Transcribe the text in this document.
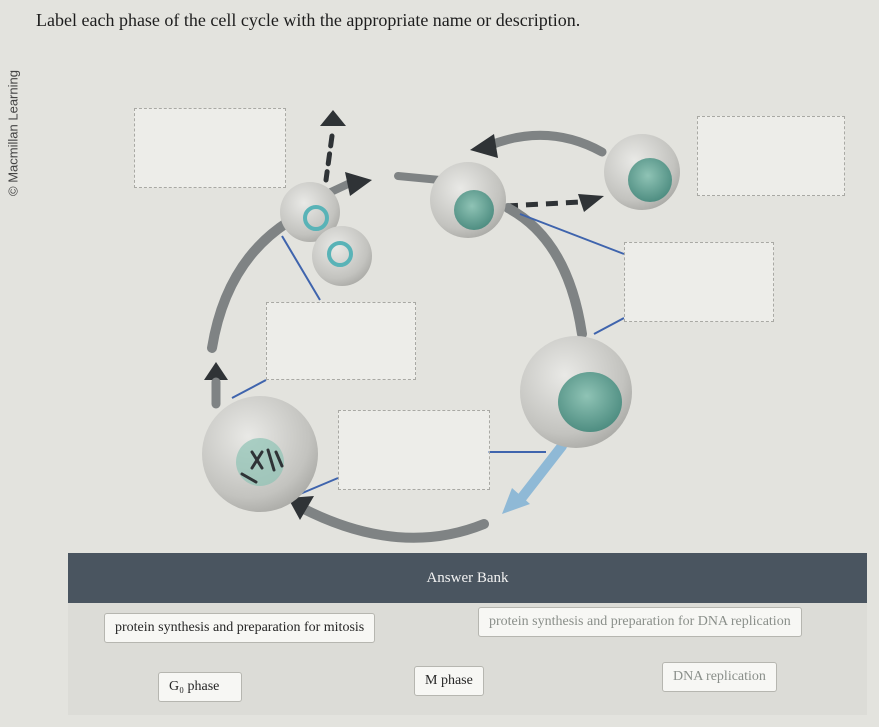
Label each phase of the cell cycle with the appropriate name or description.
© Macmillan Learning
Answer Bank
protein synthesis and preparation for mitosis	protein synthesis and preparation for DNA replication
G₀ phase	M phase	DNA replication
